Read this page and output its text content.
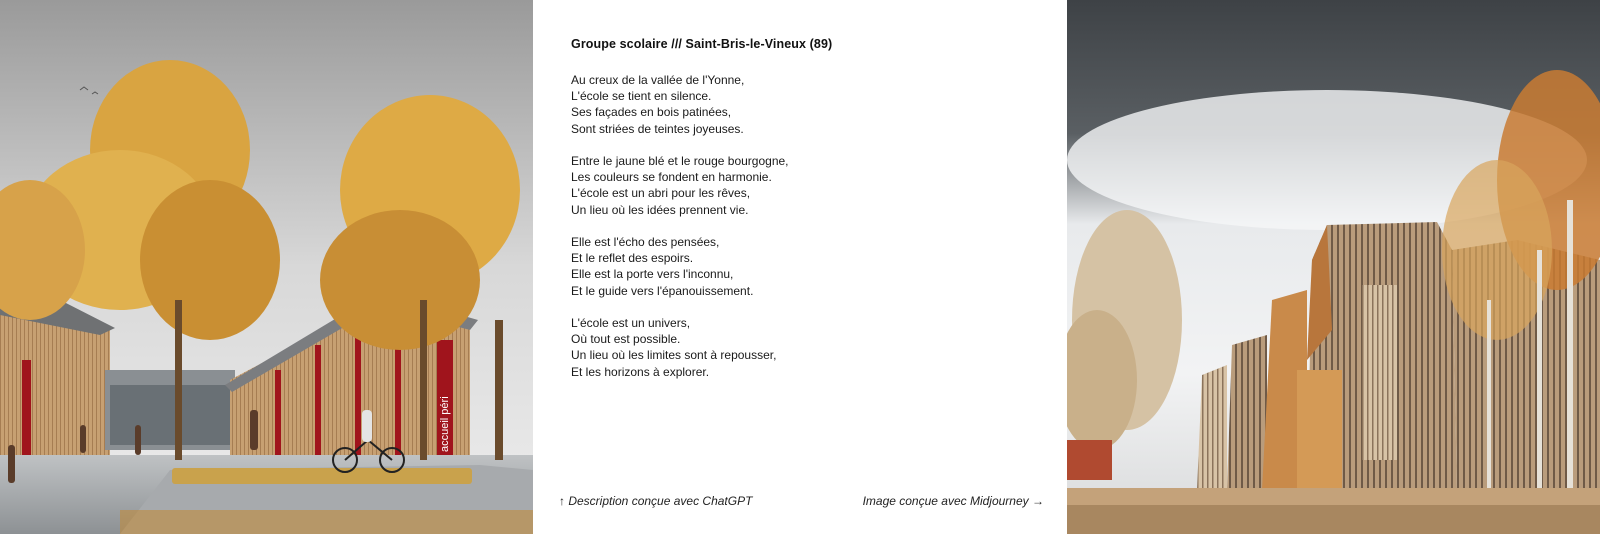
accueil péri
Groupe scolaire /// Saint-Bris-le-Vineux (89)
Au creux de la vallée de l'Yonne,
L'école se tient en silence.
Ses façades en bois patinées,
Sont striées de teintes joyeuses.
Entre le jaune blé et le rouge bourgogne,
Les couleurs se fondent en harmonie.
L'école est un abri pour les rêves,
Un lieu où les idées prennent vie.
Elle est l'écho des pensées,
Et le reflet des espoirs.
Elle est la porte vers l'inconnu,
Et le guide vers l'épanouissement.
L'école est un univers,
Où tout est possible.
Un lieu où les limites sont à repousser,
Et les horizons à explorer.
↑ Description conçue avec ChatGPT	Image conçue avec Midjourney →
